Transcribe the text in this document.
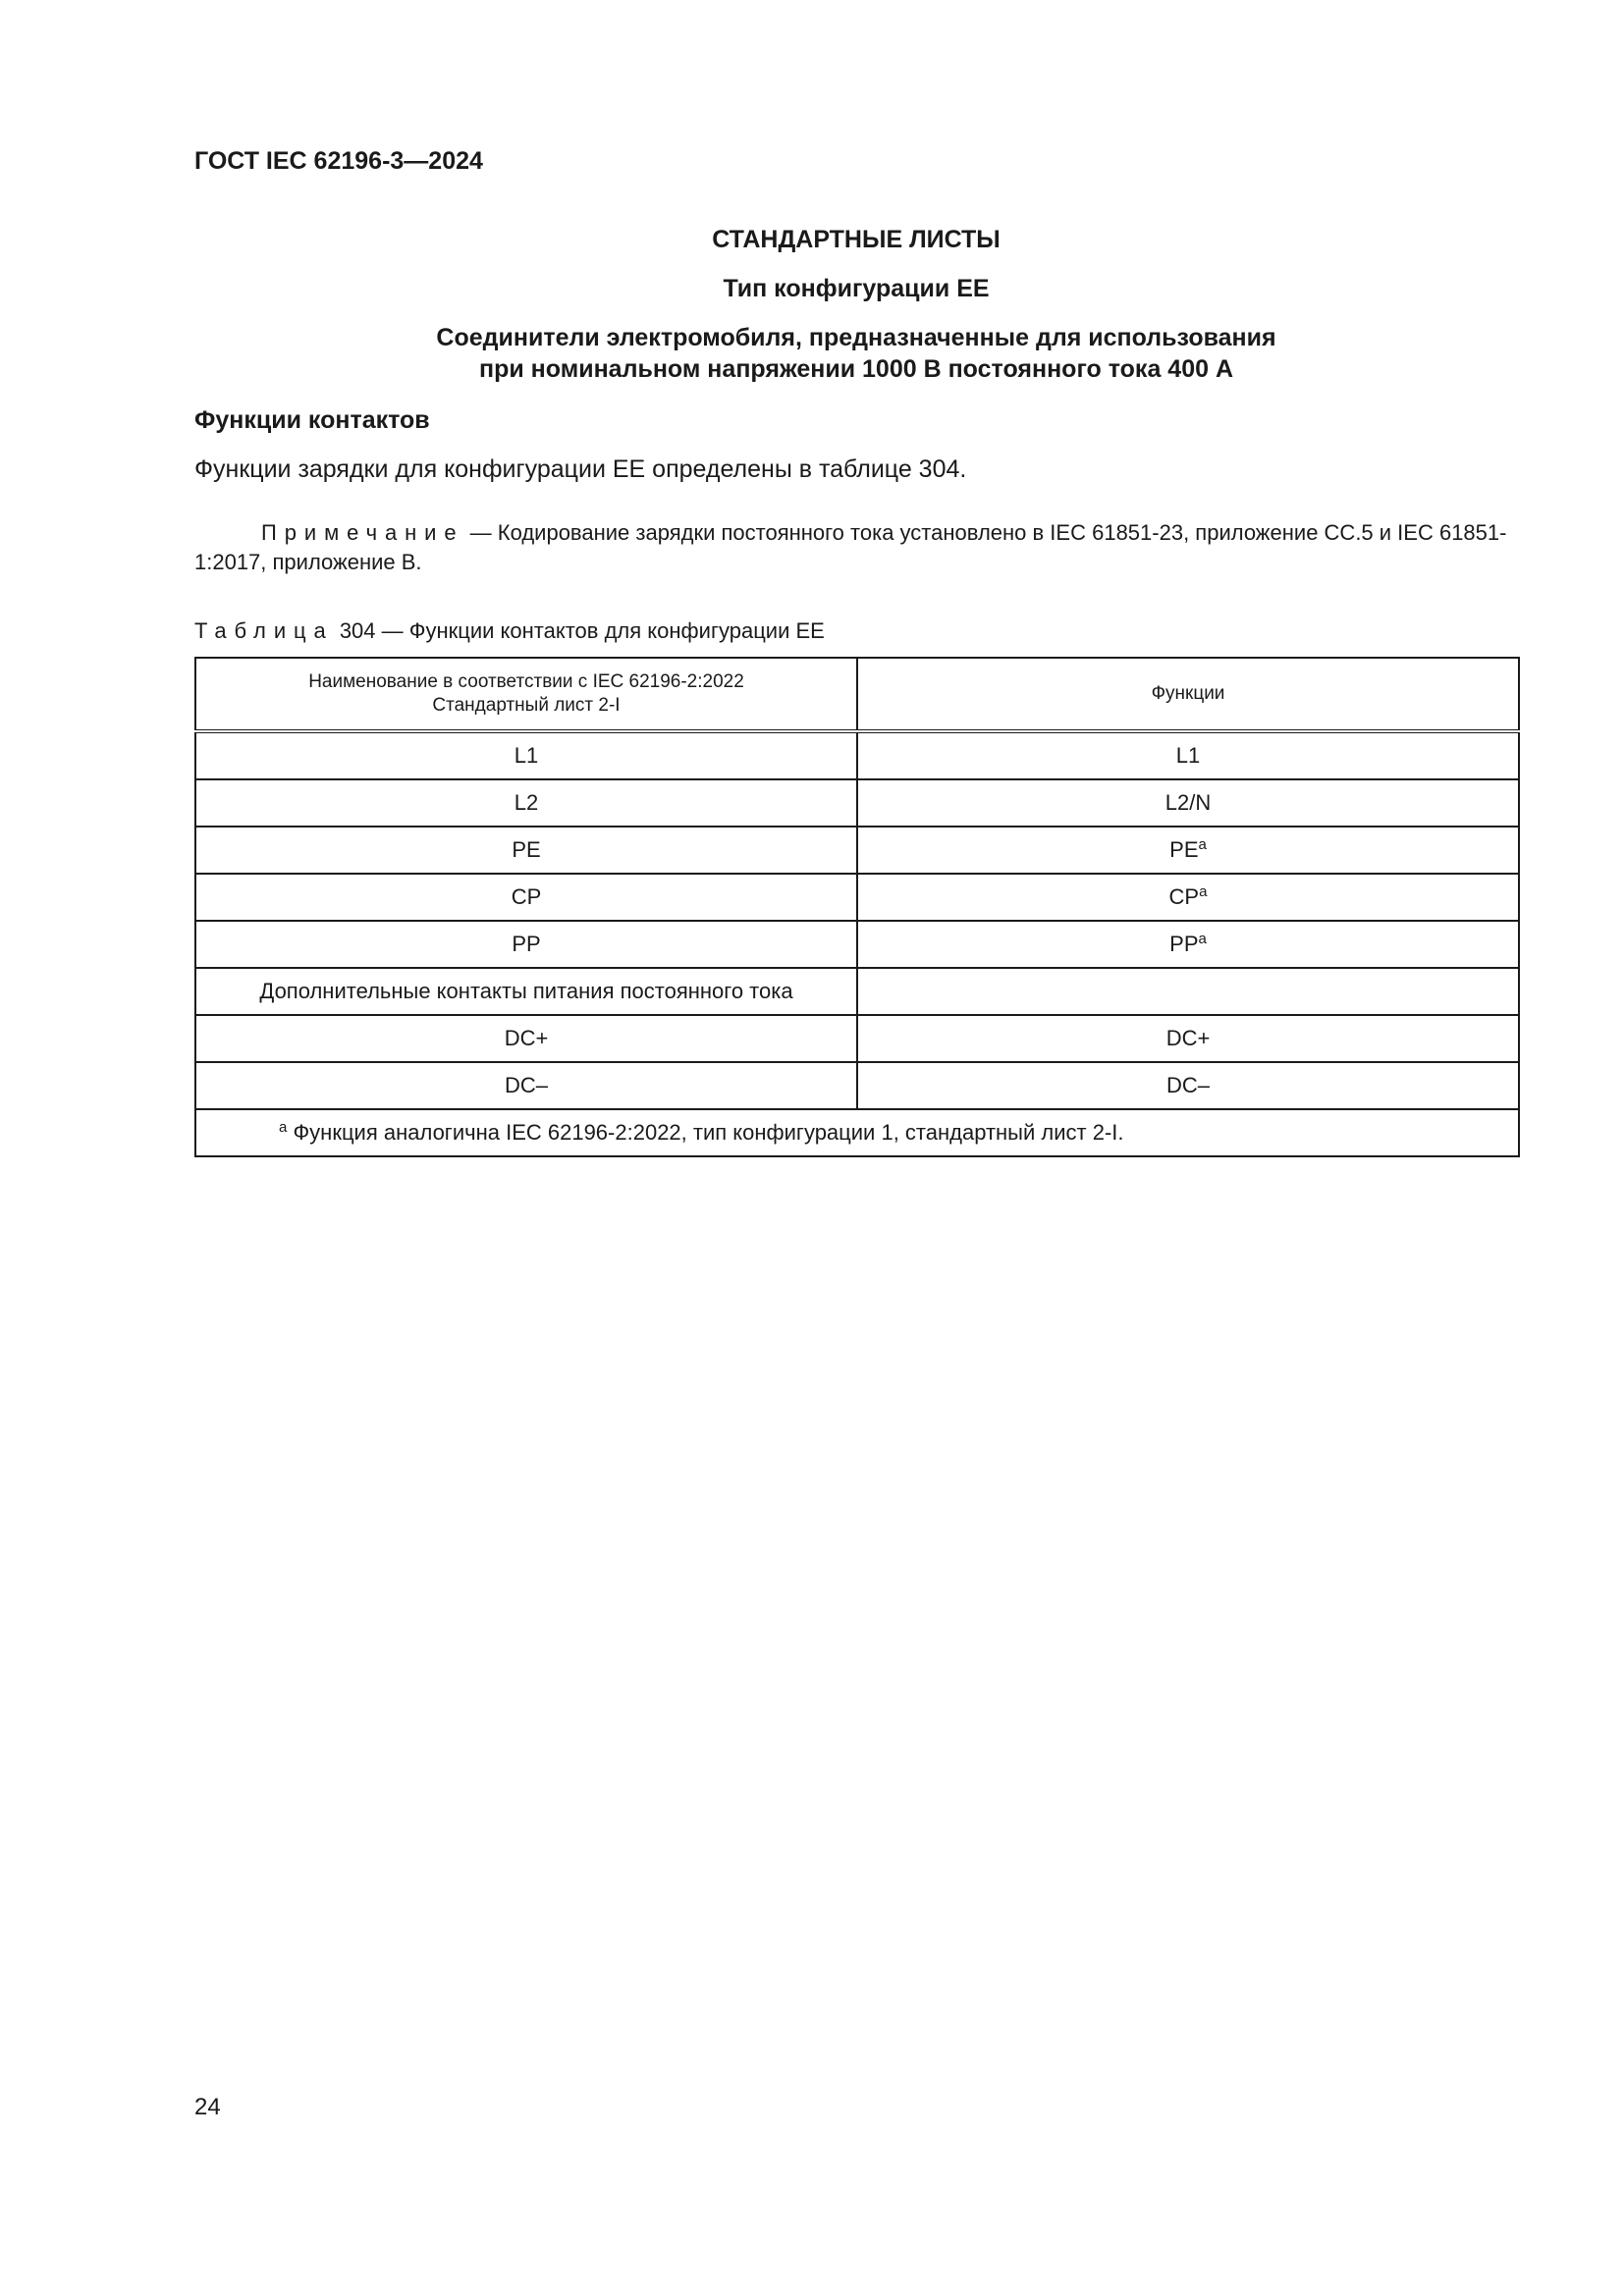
ГОСТ IEC 62196-3—2024
СТАНДАРТНЫЕ ЛИСТЫ
Тип конфигурации EE
Соединители электромобиля, предназначенные для использования
при номинальном напряжении 1000 В постоянного тока 400 А
Функции контактов
Функции зарядки для конфигурации EE определены в таблице 304.
Примечание — Кодирование зарядки постоянного тока установлено в IEC 61851-23, приложение СС.5 и IEC 61851-1:2017, приложение В.
Таблица 304 — Функции контактов для конфигурации EE
Наименование в соответствии с IEC 62196-2:2022
Стандартный лист 2-I	Функции
L1	L1
L2	L2/N
PE	$PE^a$
CP	$CP^a$
PP	$PP^a$
Дополнительные контакты питания постоянного тока	
DC+	DC+
DC–	DC–
$^a$ Функция аналогична IEC 62196-2:2022, тип конфигурации 1, стандартный лист 2-I.	
24
